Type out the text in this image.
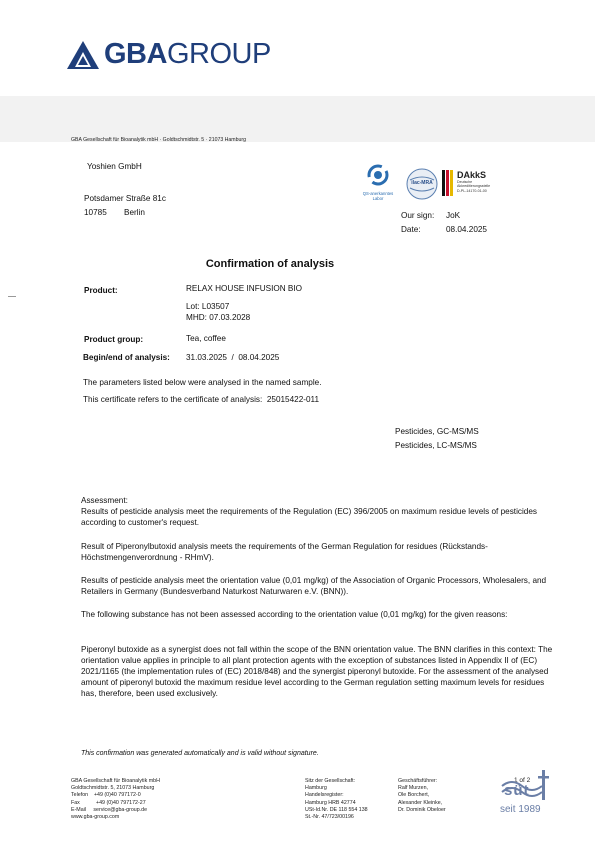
GBAGROUP
GBA Gesellschaft für Bioanalytik mbH · Goldtschmidtstr. 5 · 21073 Hamburg
Yoshien GmbH
Potsdamer Straße 81c
10785 Berlin
QS-anerkanntes Labor
ilac-MRA
DAkkS
Deutsche
Akkreditierungsstelle
D-PL-14170-01-00
Our sign: JoK
Date:	08.04.2025
Confirmation of analysis
Product:	RELAX HOUSE INFUSION BIO
Lot: L03507
MHD: 07.03.2028
Product group:	Tea, coffee
Begin/end of analysis: 31.03.2025  /  08.04.2025
The parameters listed below were analysed in the named sample.
This certificate refers to the certificate of analysis:  25015422-011
Pesticides, GC-MS/MS
Pesticides, LC-MS/MS
Assessment:
Results of pesticide analysis meet the requirements of the Regulation (EC) 396/2005 on maximum residue levels of pesticides according to customer's request.
Result of Piperonylbutoxid analysis meets the requirements of the German Regulation for residues (Rückstands-Höchstmengenverordnung - RHmV).
Results of pesticide analysis meet the orientation value (0,01 mg/kg) of the Association of Organic Processors, Wholesalers, and Retailers in Germany (Bundesverband Naturkost Naturwaren e.V. (BNN)).
The following substance has not been assessed according to the orientation value (0,01 mg/kg) for the given reasons:
Piperonyl butoxide as a synergist does not fall within the scope of the BNN orientation value. The BNN clarifies in this context: The orientation value applies in principle to all plant protection agents with the exception of substances listed in Appendix II of (EC) 2021/1165 (the implementation rules of (EC) 2018/848) and the synergist piperonyl butoxide. For the assessment of the analysed amount of piperonyl butoxid the maximum residue level according to the German regulation setting maximum levels for residues has, therefore, been used exclusively.
This confirmation was generated automatically and is valid without signature.
GBA Gesellschaft für Bioanalytik mbH
Goldtschmidtstr. 5, 21073 Hamburg
Telefon    +49 (0)40 797172-0
Fax           +49 (0)40 797172-27
E-Mail     service@gba-group.de
www.gba-group.com
Sitz der Gesellschaft:
Hamburg
Handelsregister:
Hamburg HRB 42774
USt-Id.Nr. DE 118 554 138
St.-Nr. 47/723/00196
Geschäftsführer:
Ralf Murzen,
Ole Borchert,
Alexander Kleinke,
Dr. Dominik Obeloer
1 of 2
süt
seit 1989
